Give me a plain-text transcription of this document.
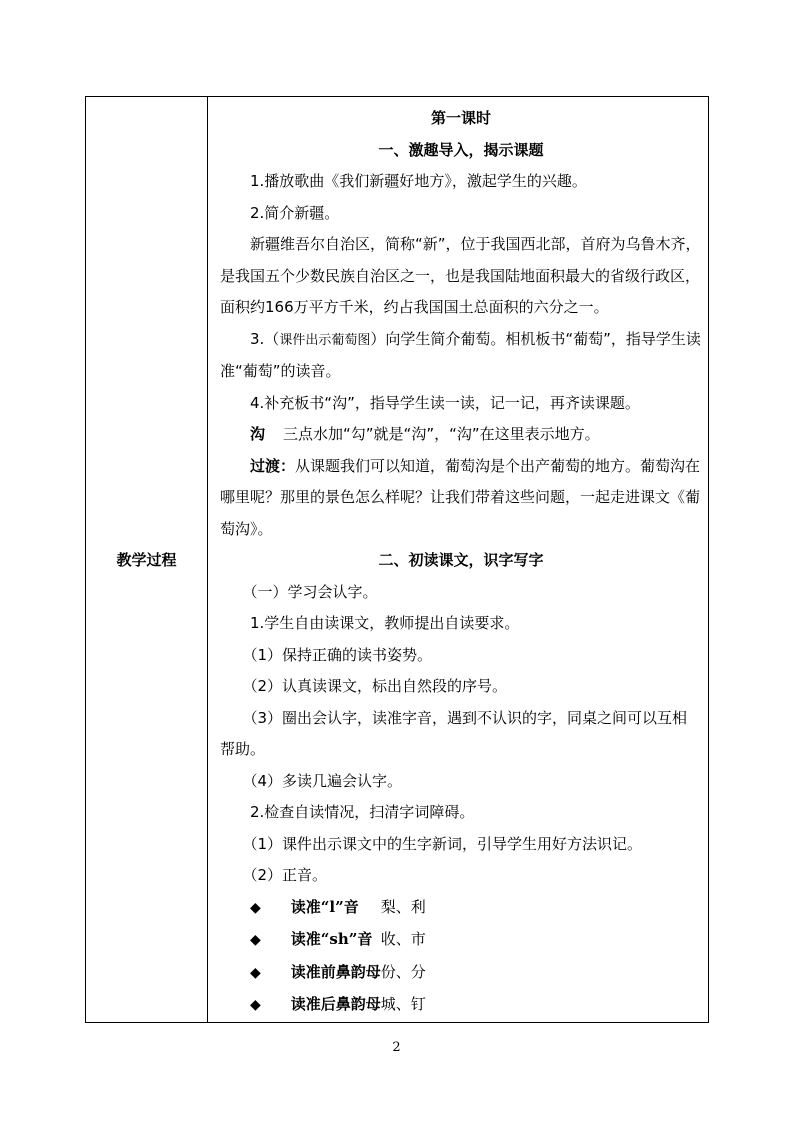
教学过程	

第一课时

一、激趣导入，揭示课题

1.播放歌曲《我们新疆好地方》，激起学生的兴趣。

2.简介新疆。

新疆维吾尔自治区，简称“新”，位于我国西北部，首府为乌鲁木齐，是我国五个少数民族自治区之一，也是我国陆地面积最大的省级行政区，面积约166万平方千米，约占我国国土总面积的六分之一。

3.（课件出示葡萄图）向学生简介葡萄。相机板书“葡萄”，指导学生读准“葡萄”的读音。

4.补充板书“沟”，指导学生读一读，记一记，再齐读课题。

沟 三点水加“勾”就是“沟”，“沟”在这里表示地方。

过渡：从课题我们可以知道，葡萄沟是个出产葡萄的地方。葡萄沟在哪里呢？那里的景色怎么样呢？让我们带着这些问题，一起走进课文《葡萄沟》。

二、初读课文，识字写字

（一）学习会认字。

1.学生自由读课文，教师提出自读要求。

（1）保持正确的读书姿势。

（2）认真读课文，标出自然段的序号。

（3）圈出会认字，读准字音，遇到不认识的字，同桌之间可以互相帮助。

（4）多读几遍会认字。

2.检查自读情况，扫清字词障碍。

（1）课件出示课文中的生字新词，引导学生用好方法识记。

（2）正音。

◆ 读准“l”音 梨、利

◆ 读准“sh”音 收、市

◆ 读准前鼻韵母份、分

◆ 读准后鼻韵母城、钉

2
